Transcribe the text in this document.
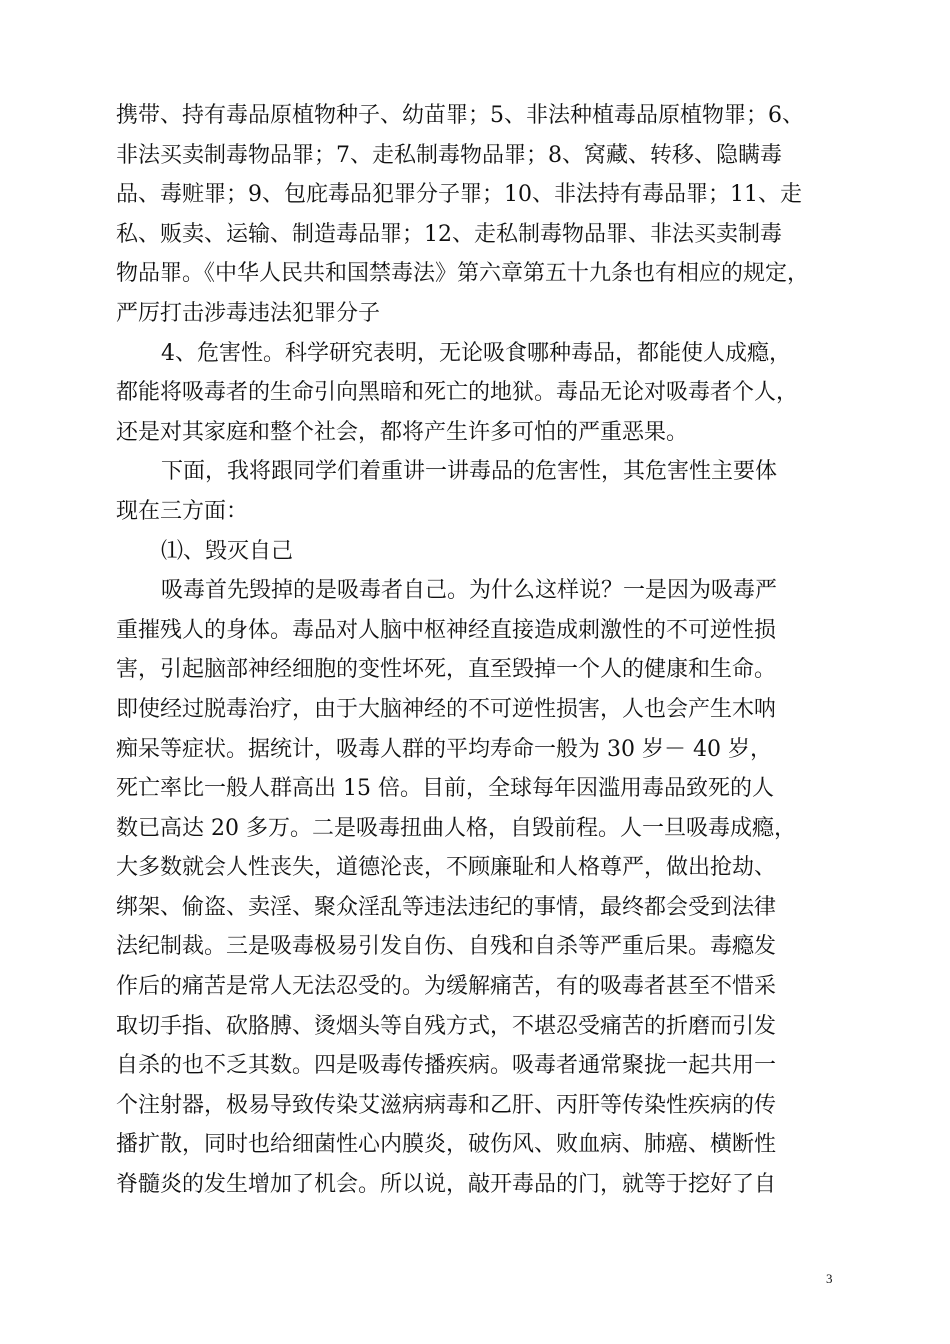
携带、持有毒品原植物种子、幼苗罪；5、非法种植毒品原植物罪；6、
非法买卖制毒物品罪；7、走私制毒物品罪；8、窝藏、转移、隐瞒毒
品、毒赃罪；9、包庇毒品犯罪分子罪；10、非法持有毒品罪；11、走
私、贩卖、运输、制造毒品罪；12、走私制毒物品罪、非法买卖制毒
物品罪。《中华人民共和国禁毒法》第六章第五十九条也有相应的规定，
严厉打击涉毒违法犯罪分子
4、危害性。科学研究表明，无论吸食哪种毒品，都能使人成瘾，
都能将吸毒者的生命引向黑暗和死亡的地狱。毒品无论对吸毒者个人，
还是对其家庭和整个社会，都将产生许多可怕的严重恶果。
下面，我将跟同学们着重讲一讲毒品的危害性，其危害性主要体
现在三方面：
⑴、毁灭自己
吸毒首先毁掉的是吸毒者自己。为什么这样说？一是因为吸毒严
重摧残人的身体。毒品对人脑中枢神经直接造成刺激性的不可逆性损
害，引起脑部神经细胞的变性坏死，直至毁掉一个人的健康和生命。
即使经过脱毒治疗，由于大脑神经的不可逆性损害，人也会产生木呐
痴呆等症状。据统计，吸毒人群的平均寿命一般为 30 岁－ 40 岁，
死亡率比一般人群高出 15 倍。目前，全球每年因滥用毒品致死的人
数已高达 20 多万。二是吸毒扭曲人格，自毁前程。人一旦吸毒成瘾，
大多数就会人性丧失，道德沦丧，不顾廉耻和人格尊严，做出抢劫、
绑架、偷盗、卖淫、聚众淫乱等违法违纪的事情，最终都会受到法律
法纪制裁。三是吸毒极易引发自伤、自残和自杀等严重后果。毒瘾发
作后的痛苦是常人无法忍受的。为缓解痛苦，有的吸毒者甚至不惜采
取切手指、砍胳膊、烫烟头等自残方式，不堪忍受痛苦的折磨而引发
自杀的也不乏其数。四是吸毒传播疾病。吸毒者通常聚拢一起共用一
个注射器，极易导致传染艾滋病病毒和乙肝、丙肝等传染性疾病的传
播扩散，同时也给细菌性心内膜炎，破伤风、败血病、肺癌、横断性
脊髓炎的发生增加了机会。所以说，敲开毒品的门，就等于挖好了自
3
